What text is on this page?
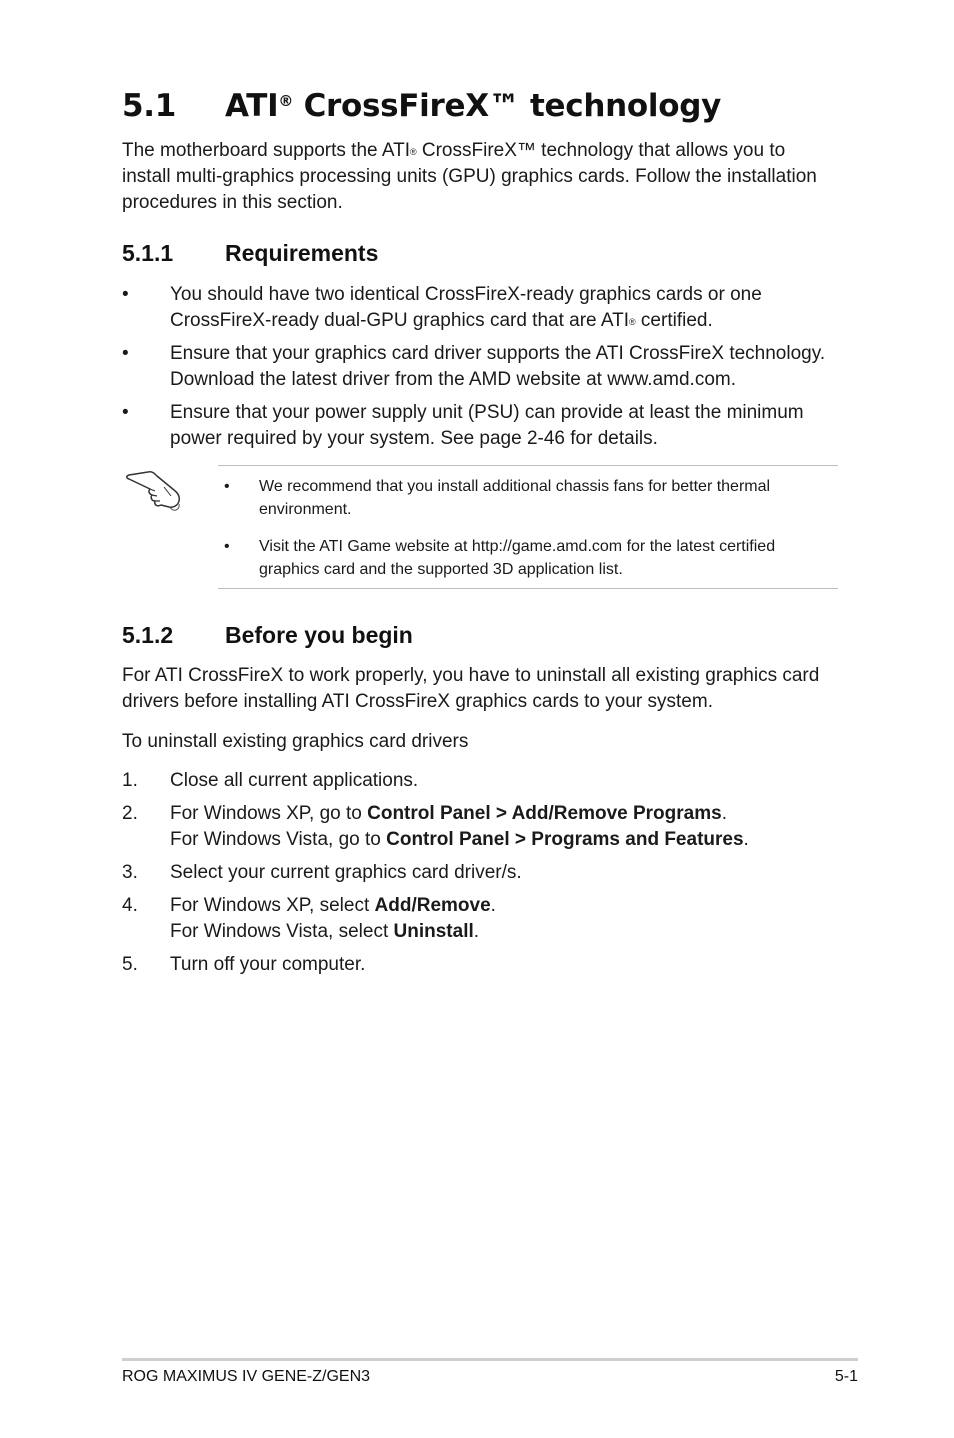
5.1 ATI® CrossFireX™ technology
The motherboard supports the ATI® CrossFireX™ technology that allows you to
install multi-graphics processing units (GPU) graphics cards. Follow the installation
procedures in this section.
5.1.1 Requirements
• You should have two identical CrossFireX-ready graphics cards or one
CrossFireX-ready dual-GPU graphics card that are ATI® certified.
• Ensure that your graphics card driver supports the ATI CrossFireX technology.
Download the latest driver from the AMD website at www.amd.com.
• Ensure that your power supply unit (PSU) can provide at least the minimum
power required by your system. See page 2-46 for details.
• We recommend that you install additional chassis fans for better thermal
environment.
• Visit the ATI Game website at http://game.amd.com for the latest certified
graphics card and the supported 3D application list.
5.1.2 Before you begin
For ATI CrossFireX to work properly, you have to uninstall all existing graphics card
drivers before installing ATI CrossFireX graphics cards to your system.
To uninstall existing graphics card drivers
1. Close all current applications.
2. For Windows XP, go to Control Panel > Add/Remove Programs.
For Windows Vista, go to Control Panel > Programs and Features.
3. Select your current graphics card driver/s.
4. For Windows XP, select Add/Remove.
For Windows Vista, select Uninstall.
5. Turn off your computer.
ROG MAXIMUS IV GENE-Z/GEN3	5-1
